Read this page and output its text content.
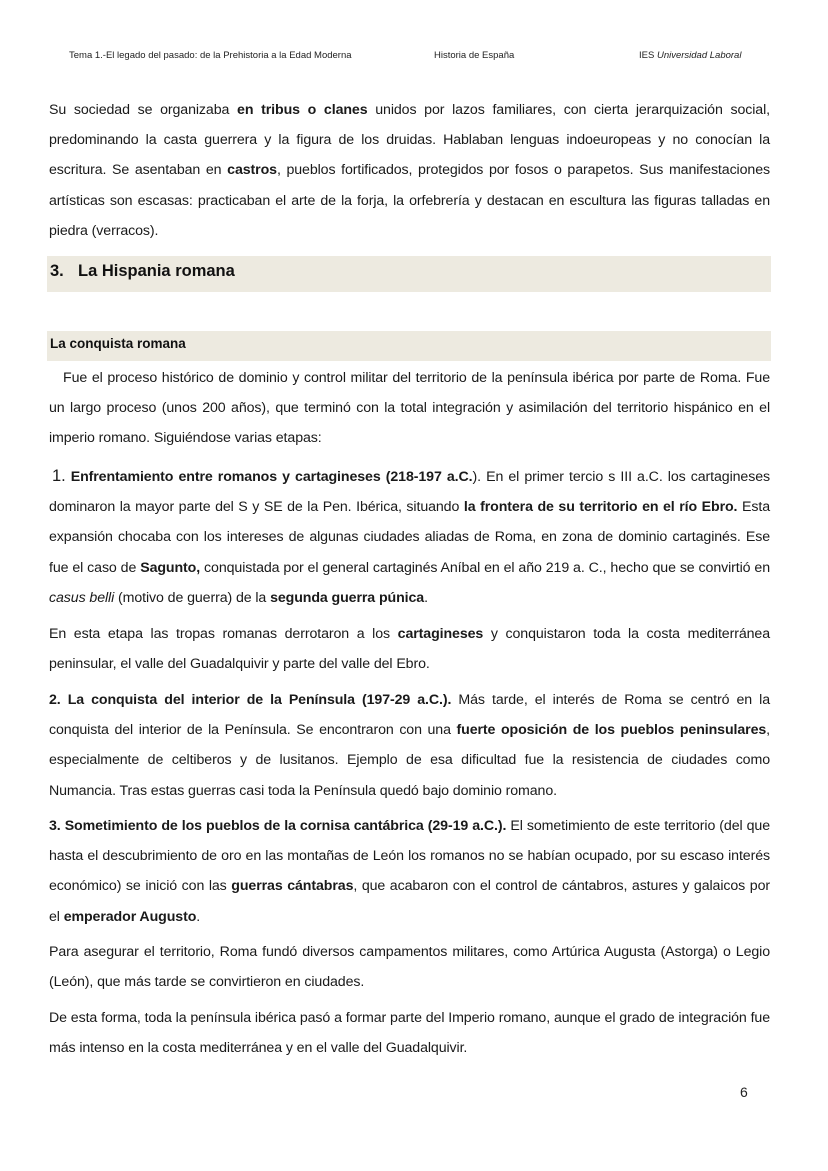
Tema 1.-El legado del pasado: de la Prehistoria a la Edad Moderna	Historia de España	IES Universidad Laboral

Su sociedad se organizaba en tribus o clanes unidos por lazos familiares, con cierta jerarquización social, predominando la casta guerrera y la figura de los druidas. Hablaban lenguas indoeuropeas y no conocían la escritura. Se asentaban en castros, pueblos fortificados, protegidos por fosos o parapetos. Sus manifestaciones artísticas son escasas: practicaban el arte de la forja, la orfebrería y destacan en escultura las figuras talladas en piedra (verracos).

3. La Hispania romana
La conquista romana

Fue el proceso histórico de dominio y control militar del territorio de la península ibérica por parte de Roma. Fue un largo proceso (unos 200 años), que terminó con la total integración y asimilación del territorio hispánico en el imperio romano. Siguiéndose varias etapas:

1. Enfrentamiento entre romanos y cartagineses (218-197 a.C.). En el primer tercio s III a.C. los cartagineses dominaron la mayor parte del S y SE de la Pen. Ibérica, situando la frontera de su territorio en el río Ebro. Esta expansión chocaba con los intereses de algunas ciudades aliadas de Roma, en zona de dominio cartaginés. Ese fue el caso de Sagunto, conquistada por el general cartaginés Aníbal en el año 219 a. C., hecho que se convirtió en casus belli (motivo de guerra) de la segunda guerra púnica.

En esta etapa las tropas romanas derrotaron a los cartagineses y conquistaron toda la costa mediterránea peninsular, el valle del Guadalquivir y parte del valle del Ebro.

2. La conquista del interior de la Península (197-29 a.C.). Más tarde, el interés de Roma se centró en la conquista del interior de la Península. Se encontraron con una fuerte oposición de los pueblos peninsulares, especialmente de celtiberos y de lusitanos. Ejemplo de esa dificultad fue la resistencia de ciudades como Numancia. Tras estas guerras casi toda la Península quedó bajo dominio romano.

3. Sometimiento de los pueblos de la cornisa cantábrica (29-19 a.C.). El sometimiento de este territorio (del que hasta el descubrimiento de oro en las montañas de León los romanos no se habían ocupado, por su escaso interés económico) se inició con las guerras cántabras, que acabaron con el control de cántabros, astures y galaicos por el emperador Augusto.

Para asegurar el territorio, Roma fundó diversos campamentos militares, como Artúrica Augusta (Astorga) o Legio (León), que más tarde se convirtieron en ciudades.

De esta forma, toda la península ibérica pasó a formar parte del Imperio romano, aunque el grado de integración fue más intenso en la costa mediterránea y en el valle del Guadalquivir.

6
